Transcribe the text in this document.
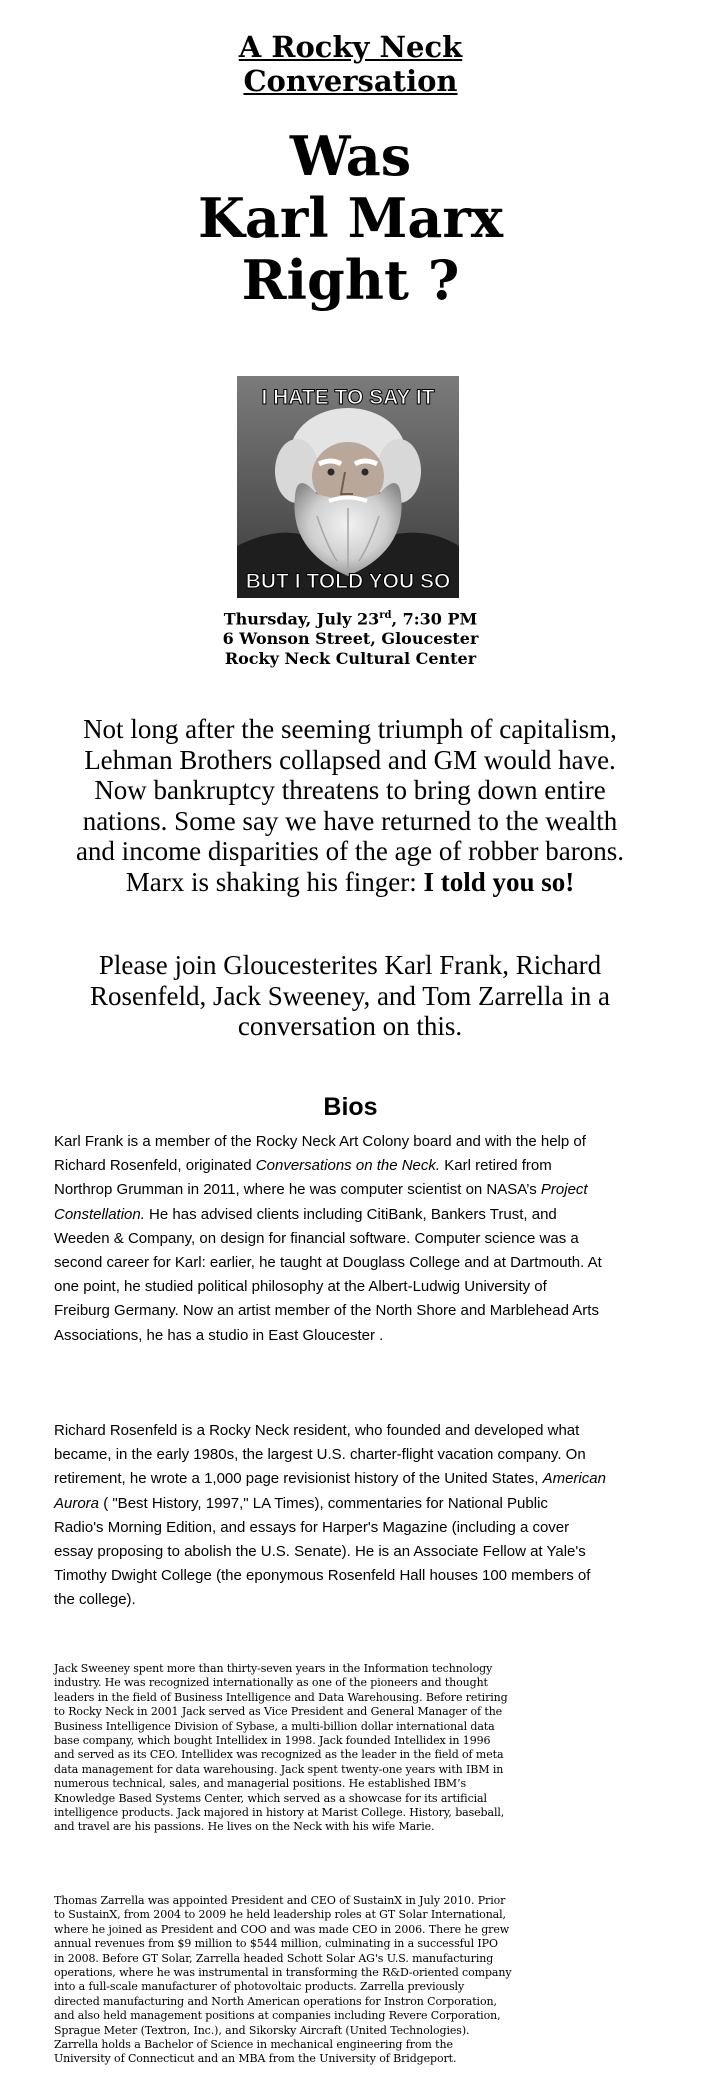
A Rocky Neck
Conversation
Was
Karl Marx
Right ?
I HATE TO SAY IT
BUT I TOLD YOU SO
Thursday, July 23rd, 7:30 PM
6 Wonson Street, Gloucester
Rocky Neck Cultural Center
Not long after the seeming triumph of capitalism,
Lehman Brothers collapsed and GM would have.
Now bankruptcy threatens to bring down entire
nations. Some say we have returned to the wealth
and income disparities of the age of robber barons.
Marx is shaking his finger: I told you so!
Please join Gloucesterites Karl Frank, Richard
Rosenfeld, Jack Sweeney, and Tom Zarrella in a
conversation on this.
Bios
Karl Frank is a member of the Rocky Neck Art Colony board and with the help of
Richard Rosenfeld, originated Conversations on the Neck. Karl retired from
Northrop Grumman in 2011, where he was computer scientist on NASA’s Project
Constellation. He has advised clients including CitiBank, Bankers Trust, and
Weeden & Company, on design for financial software. Computer science was a
second career for Karl: earlier, he taught at Douglass College and at Dartmouth. At
one point, he studied political philosophy at the Albert-Ludwig University of
Freiburg Germany. Now an artist member of the North Shore and Marblehead Arts
Associations, he has a studio in East Gloucester .
Richard Rosenfeld is a Rocky Neck resident, who founded and developed what
became, in the early 1980s, the largest U.S. charter-flight vacation company. On
retirement, he wrote a 1,000 page revisionist history of the United States, American
Aurora ( "Best History, 1997," LA Times), commentaries for National Public
Radio's Morning Edition, and essays for Harper's Magazine (including a cover
essay proposing to abolish the U.S. Senate). He is an Associate Fellow at Yale's
Timothy Dwight College (the eponymous Rosenfeld Hall houses 100 members of
the college).
Jack Sweeney spent more than thirty-seven years in the Information technology
industry. He was recognized internationally as one of the pioneers and thought
leaders in the field of Business Intelligence and Data Warehousing. Before retiring
to Rocky Neck in 2001 Jack served as Vice President and General Manager of the
Business Intelligence Division of Sybase, a multi-billion dollar international data
base company, which bought Intellidex in 1998. Jack founded Intellidex in 1996
and served as its CEO. Intellidex was recognized as the leader in the field of meta
data management for data warehousing. Jack spent twenty-one years with IBM in
numerous technical, sales, and managerial positions. He established IBM’s
Knowledge Based Systems Center, which served as a showcase for its artificial
intelligence products. Jack majored in history at Marist College. History, baseball,
and travel are his passions. He lives on the Neck with his wife Marie.
Thomas Zarrella was appointed President and CEO of SustainX in July 2010. Prior
to SustainX, from 2004 to 2009 he held leadership roles at GT Solar International,
where he joined as President and COO and was made CEO in 2006. There he grew
annual revenues from $9 million to $544 million, culminating in a successful IPO
in 2008. Before GT Solar, Zarrella headed Schott Solar AG's U.S. manufacturing
operations, where he was instrumental in transforming the R&D-oriented company
into a full-scale manufacturer of photovoltaic products. Zarrella previously
directed manufacturing and North American operations for Instron Corporation,
and also held management positions at companies including Revere Corporation,
Sprague Meter (Textron, Inc.), and Sikorsky Aircraft (United Technologies).
Zarrella holds a Bachelor of Science in mechanical engineering from the
University of Connecticut and an MBA from the University of Bridgeport.
